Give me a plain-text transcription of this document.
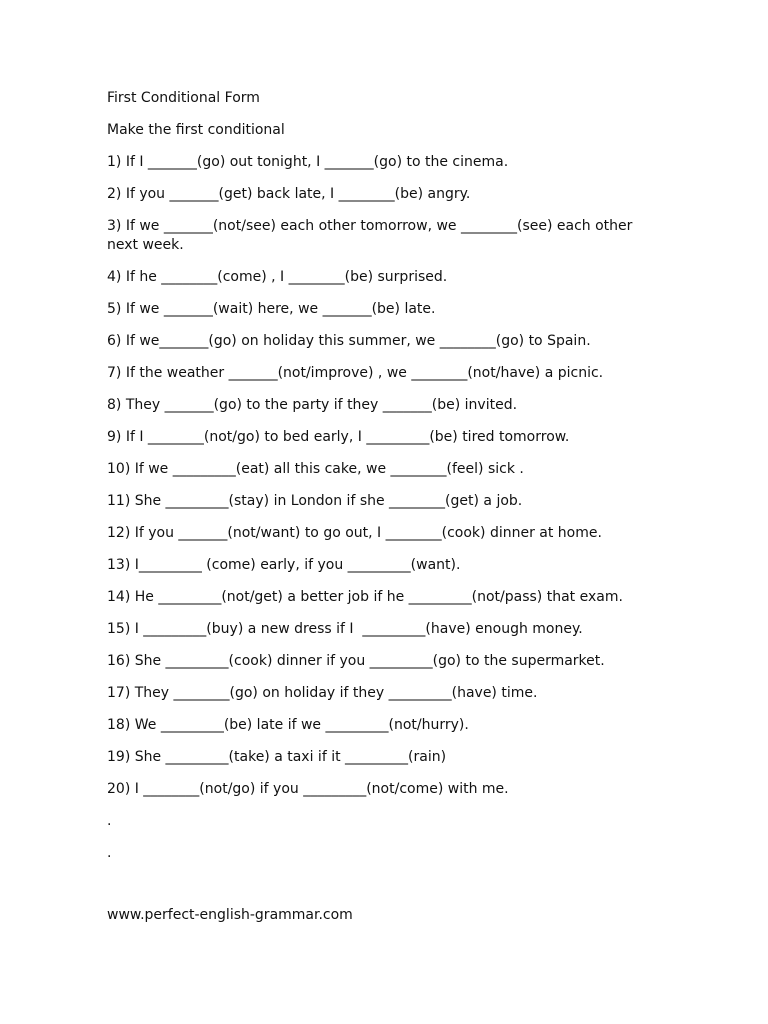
First Conditional Form

Make the first conditional

1) If I _______(go) out tonight, I _______(go) to the cinema.

2) If you _______(get) back late, I ________(be) angry.

3) If we _______(not/see) each other tomorrow, we ________(see) each other next week.

4) If he ________(come) , I ________(be) surprised.

5) If we _______(wait) here, we _______(be) late.

6) If we_______(go) on holiday this summer, we ________(go) to Spain.

7) If the weather _______(not/improve) , we ________(not/have) a picnic.

8) They _______(go) to the party if they _______(be) invited.

9) If I ________(not/go) to bed early, I _________(be) tired tomorrow.

10) If we _________(eat) all this cake, we ________(feel) sick .

11) She _________(stay) in London if she ________(get) a job.

12) If you _______(not/want) to go out, I ________(cook) dinner at home.

13) I_________ (come) early, if you _________(want).

14) He _________(not/get) a better job if he _________(not/pass) that exam.

15) I _________(buy) a new dress if I  _________(have) enough money.

16) She _________(cook) dinner if you _________(go) to the supermarket.

17) They ________(go) on holiday if they _________(have) time.

18) We _________(be) late if we _________(not/hurry).

19) She _________(take) a taxi if it _________(rain)

20) I ________(not/go) if you _________(not/come) with me.

.

.

www.perfect-english-grammar.com
